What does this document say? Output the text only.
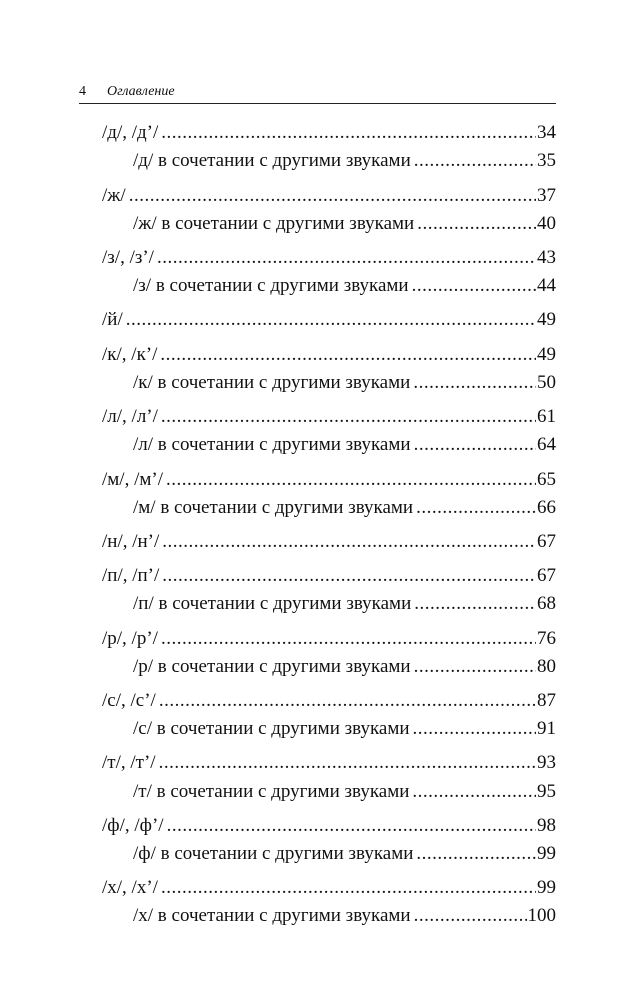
4 Оглавление
/д/, /д’/ .....	34
/д/ в сочетании с другими звуками .....	35
/ж/ .....	37
/ж/ в сочетании с другими звуками .....	40
/з/, /з’/ .....	43
/з/ в сочетании с другими звуками .....	44
/й/ .....	49
/к/, /к’/ .....	49
/к/ в сочетании с другими звуками .....	50
/л/, /л’/ .....	61
/л/ в сочетании с другими звуками .....	64
/м/, /м’/ .....	65
/м/ в сочетании с другими звуками .....	66
/н/, /н’/ .....	67
/п/, /п’/ .....	67
/п/ в сочетании с другими звуками .....	68
/р/, /р’/ .....	76
/р/ в сочетании с другими звуками .....	80
/с/, /с’/ .....	87
/с/ в сочетании с другими звуками .....	91
/т/, /т’/ .....	93
/т/ в сочетании с другими звуками .....	95
/ф/, /ф’/ .....	98
/ф/ в сочетании с другими звуками .....	99
/х/, /х’/ .....	99
/х/ в сочетании с другими звуками .....	100
